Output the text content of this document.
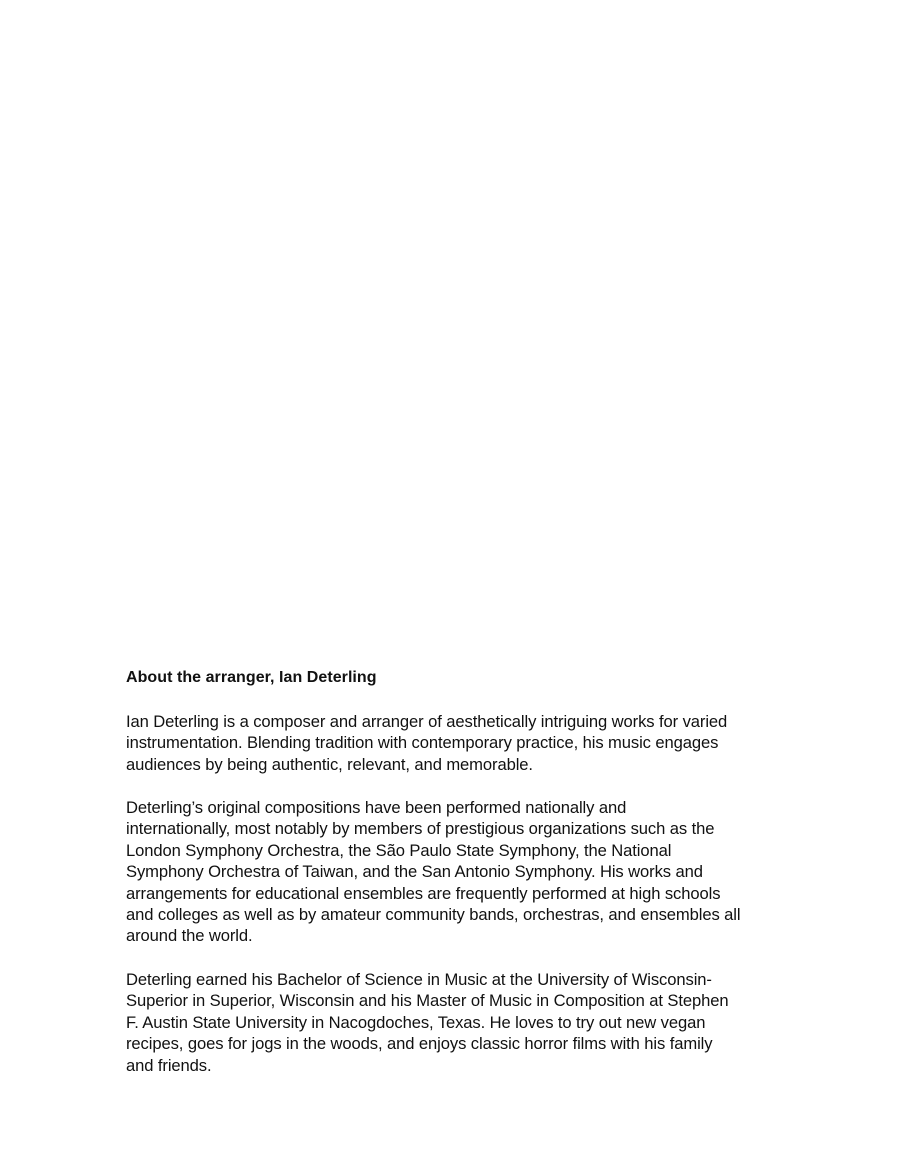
About the arranger, Ian Deterling

Ian Deterling is a composer and arranger of aesthetically intriguing works for varied
instrumentation. Blending tradition with contemporary practice, his music engages
audiences by being authentic, relevant, and memorable.

Deterling’s original compositions have been performed nationally and
internationally, most notably by members of prestigious organizations such as the
London Symphony Orchestra, the São Paulo State Symphony, the National
Symphony Orchestra of Taiwan, and the San Antonio Symphony. His works and
arrangements for educational ensembles are frequently performed at high schools
and colleges as well as by amateur community bands, orchestras, and ensembles all
around the world.

Deterling earned his Bachelor of Science in Music at the University of Wisconsin-
Superior in Superior, Wisconsin and his Master of Music in Composition at Stephen
F. Austin State University in Nacogdoches, Texas. He loves to try out new vegan
recipes, goes for jogs in the woods, and enjoys classic horror films with his family
and friends.
